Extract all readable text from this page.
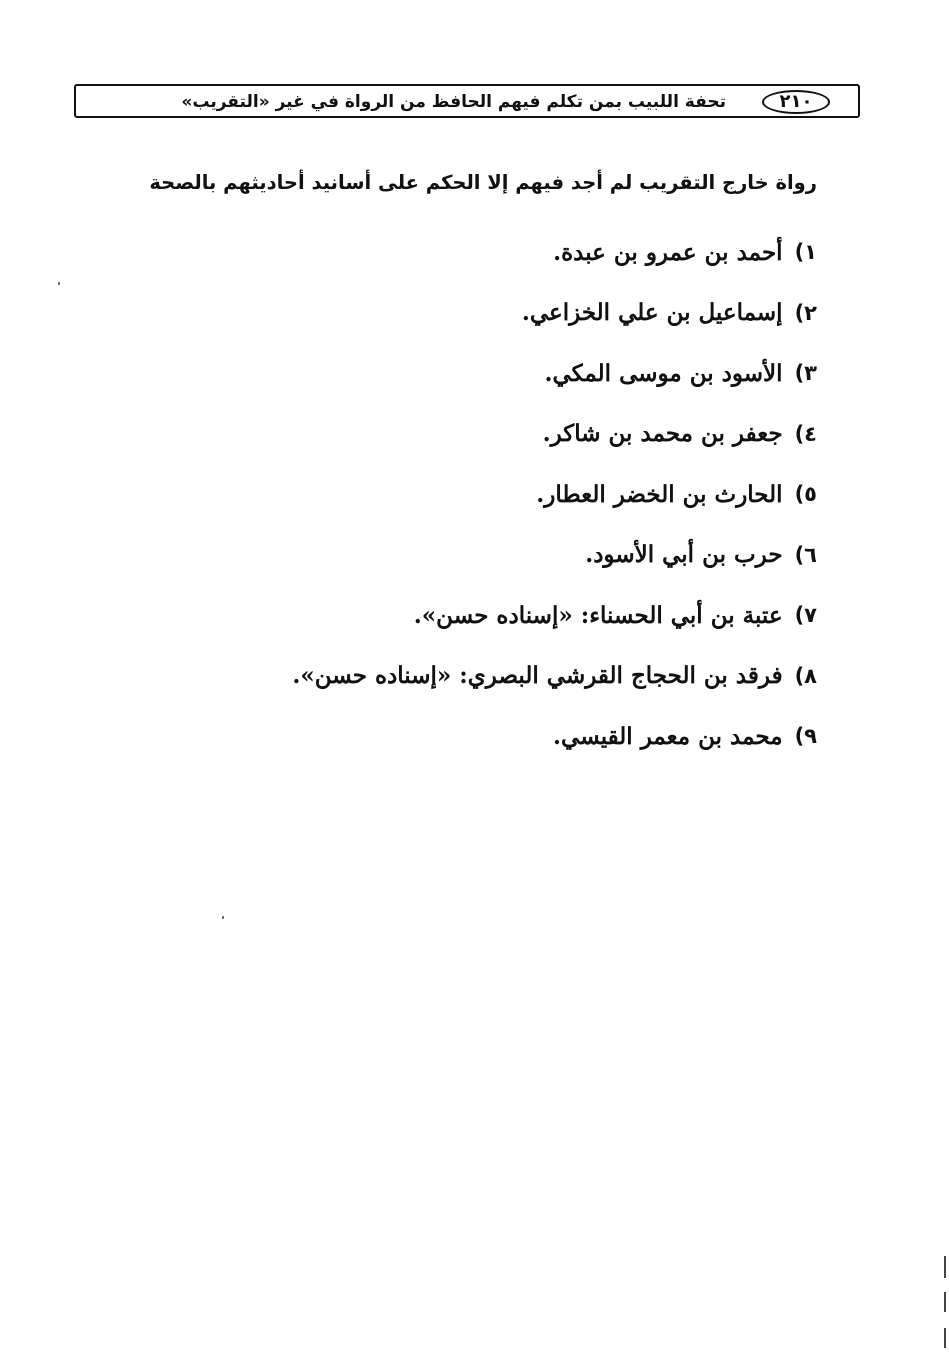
٢١٠
تحفة اللبيب بمن تكلم فيهم الحافظ من الرواة في غير «التقريب»
رواة خارج التقريب لم أجد فيهم إلا الحكم على أسانيد أحاديثهم بالصحة
١)
أحمد بن عمرو بن عبدة.
٢)
إسماعيل بن علي الخزاعي.
٣)
الأسود بن موسى المكي.
٤)
جعفر بن محمد بن شاكر.
٥)
الحارث بن الخضر العطار.
٦)
حرب بن أبي الأسود.
٧)
عتبة بن أبي الحسناء: «إسناده حسن».
٨)
فرقد بن الحجاج القرشي البصري: «إسناده حسن».
٩)
محمد بن معمر القيسي.
